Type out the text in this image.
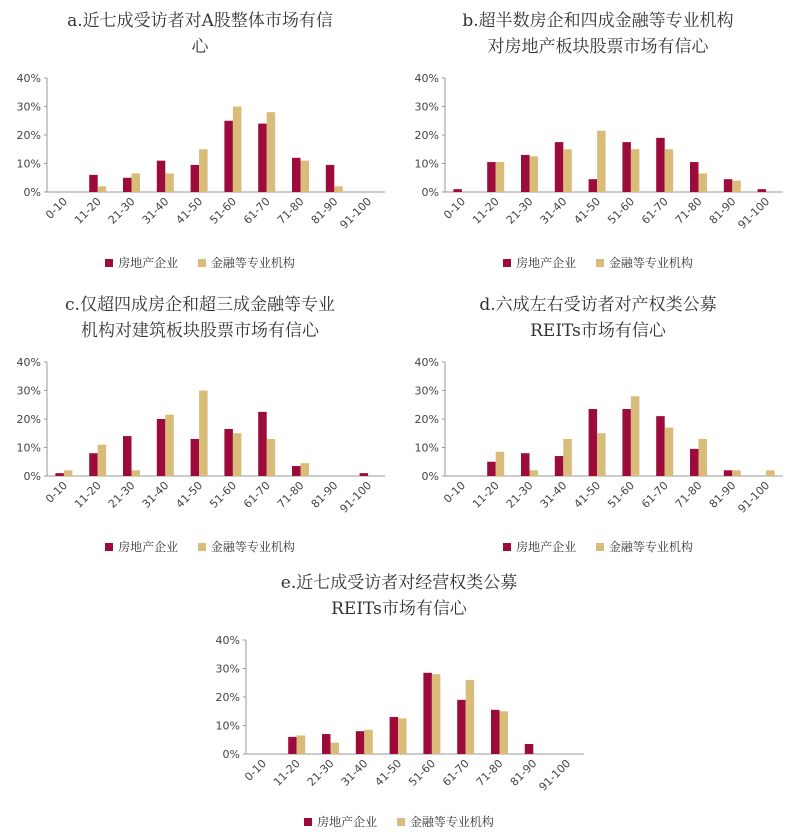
a.近七成受访者对A股整体市场有信
心
0%
10%
20%
30%
40%
0-10 11-20 21-30 31-40 41-50 51-60 61-70 71-80 81-90
91-100
房地产企业	金融等专业机构
b.超半数房企和四成金融等专业机构
对房地产板块股票市场有信心
0%
10%
20%
30%
40%
0-10 11-20 21-30 31-40 41-50 51-60 61-70 71-80 81-90
91-100
房地产企业	金融等专业机构
c.仅超四成房企和超三成金融等专业
机构对建筑板块股票市场有信心
0%
10%
20%
30%
40%
0-10 11-20 21-30 31-40 41-50 51-60 61-70 71-80 81-90
91-100
房地产企业	金融等专业机构
d.六成左右受访者对产权类公募
REITs市场有信心
0%
10%
20%
30%
40%
0-10 11-20 21-30 31-40 41-50 51-60 61-70 71-80 81-90
91-100
房地产企业	金融等专业机构
e.近七成受访者对经营权类公募
REITs市场有信心
0%
10%
20%
30%
40%
0-10 11-20 21-30 31-40 41-50 51-60 61-70 71-80 81-90
91-100
房地产企业	金融等专业机构
